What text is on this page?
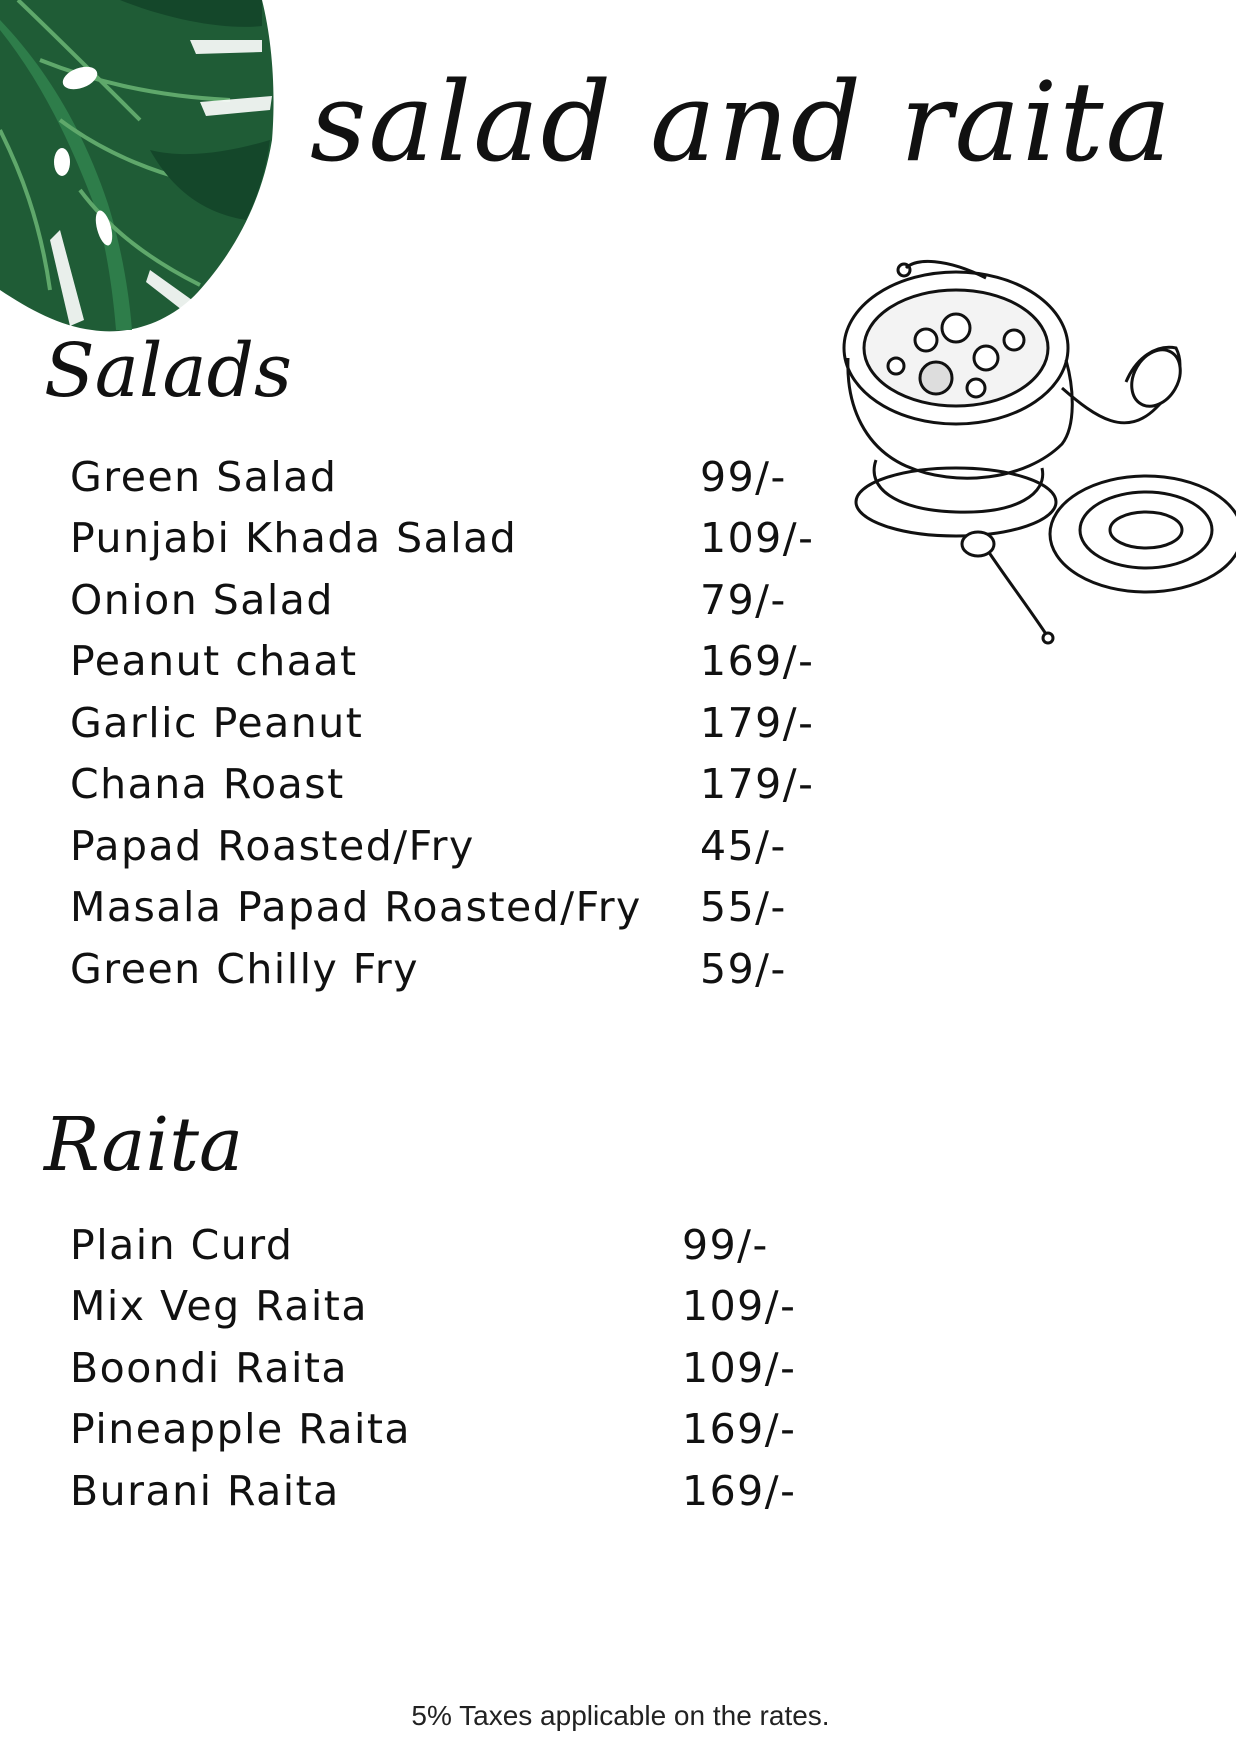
salad and raita
Salads
Green Salad	99/-
Punjabi Khada Salad	109/-
Onion Salad	79/-
Peanut chaat	169/-
Garlic Peanut	179/-
Chana Roast	179/-
Papad Roasted/Fry	45/-
Masala Papad Roasted/Fry	55/-
Green Chilly Fry	59/-
Raita
Plain Curd	99/-
Mix Veg Raita	109/-
Boondi Raita	109/-
Pineapple Raita	169/-
Burani Raita	169/-
5% Taxes applicable on the rates.
